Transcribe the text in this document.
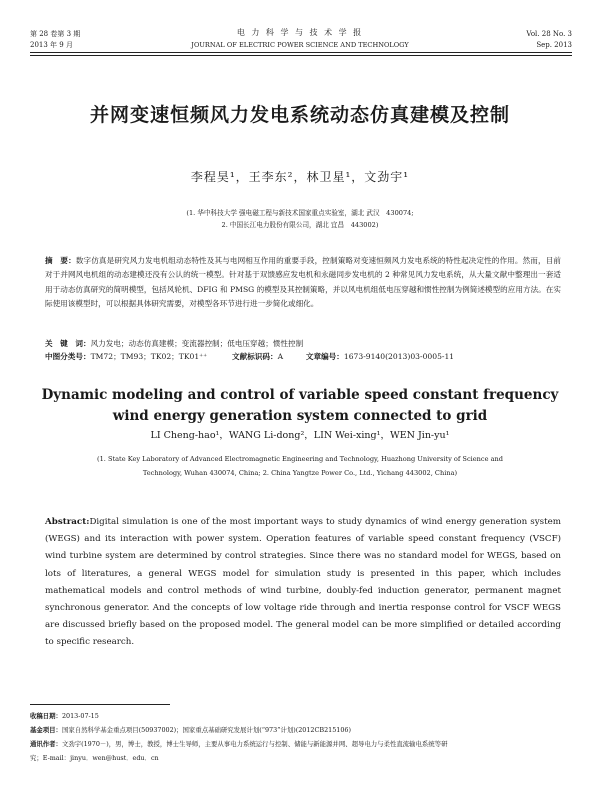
第 28 卷第 3 期
2013 年 9 月
电 力 科 学 与 技 术 学 报
JOURNAL OF ELECTRIC POWER SCIENCE AND TECHNOLOGY
Vol. 28 No. 3
Sep. 2013
并网变速恒频风力发电系统动态仿真建模及控制
李程昊¹，王李东²，林卫星¹，文劲宇¹
(1. 华中科技大学 强电磁工程与新技术国家重点实验室，湖北 武汉　430074;
2. 中国长江电力股份有限公司，湖北 宜昌　443002)
摘　要：数字仿真是研究风力发电机组动态特性及其与电网相互作用的重要手段，控制策略对变速恒频风力发电系统的特性起决定性的作用。然而，目前对于并网风电机组的动态建模还没有公认的统一模型。针对基于双馈感应发电机和永磁同步发电机的 2 种常见风力发电系统，从大量文献中整理出一套适用于动态仿真研究的简明模型，包括风轮机、DFIG 和 PMSG 的模型及其控制策略，并以风电机组低电压穿越和惯性控制为例简述模型的应用方法。在实际使用该模型时，可以根据具体研究需要，对模型各环节进行进一步简化或细化。
关　键　词：风力发电；动态仿真建模；变流器控制；低电压穿越；惯性控制
中图分类号：TM72；TM93；TK02；TK01⁺⁺	文献标识码：A	文章编号：1673-9140(2013)03-0005-11
Dynamic modeling and control of variable speed constant frequency
wind energy generation system connected to grid
LI Cheng-hao¹，WANG Li-dong²，LIN Wei-xing¹，WEN Jin-yu¹
(1. State Key Laboratory of Advanced Electromagnetic Engineering and Technology, Huazhong University of Science and
Technology, Wuhan 430074, China; 2. China Yangtze Power Co., Ltd., Yichang 443002, China)
Abstract:Digital simulation is one of the most important ways to study dynamics of wind energy generation system (WEGS) and its interaction with power system. Operation features of variable speed constant frequency (VSCF) wind turbine system are determined by control strategies. Since there was no standard model for WEGS, based on lots of literatures, a general WEGS model for simulation study is presented in this paper, which includes mathematical models and control methods of wind turbine, doubly-fed induction generator, permanent magnet synchronous generator. And the concepts of low voltage ride through and inertia response control for VSCF WEGS are discussed briefly based on the proposed model. The general model can be more simplified or detailed according to specific research.
收稿日期：2013-07-15
基金项目：国家自然科学基金重点项目(50937002)；国家重点基础研究发展计划(“973”计划)(2012CB215106)
通讯作者：文劲宇(1970－)，男，博士，教授，博士生导师，主要从事电力系统运行与控制、储能与新能源并网、超导电力与柔性直流输电系统等研
究；E-mail：jinyu．wen@hust．edu．cn
